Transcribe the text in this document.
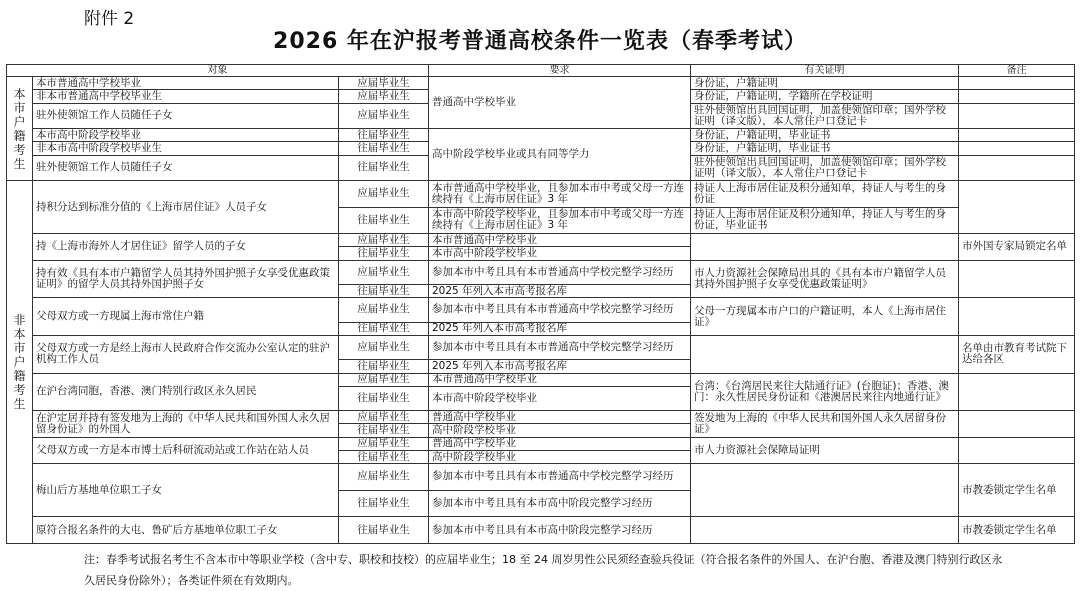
附件 2
2026 年在沪报考普通高校条件一览表（春季考试）
对象			要求	有关证明	备注

本市户籍考生	本市普通高中学校毕业	应届毕业生	普通高中学校毕业	身份证，户籍证明	
	非本市普通高中学校毕业生	应届毕业生		身份证，户籍证明，学籍所在学校证明	
	驻外使领馆工作人员随任子女	应届毕业生		驻外使领馆出具回国证明，加盖使领馆印章；国外学校证明（译文版），本人常住户口登记卡	
	本市高中阶段学校毕业	往届毕业生	高中阶段学校毕业或具有同等学力	身份证，户籍证明，毕业证书	
	非本市高中阶段学校毕业生	往届毕业生		身份证，户籍证明，毕业证书	
	驻外使领馆工作人员随任子女	往届毕业生		驻外使领馆出具回国证明，加盖使领馆印章；国外学校证明（译文版），本人常住户口登记卡	

非本市户籍考生	持积分达到标准分值的《上海市居住证》人员子女	应届毕业生	本市普通高中学校毕业，且参加本市中考或父母一方连续持有《上海市居住证》3 年	持证人上海市居住证及积分通知单，持证人与考生的身份证	
		往届毕业生	本市高中阶段学校毕业，且参加本市中考或父母一方连续持有《上海市居住证》3 年	持证人上海市居住证及积分通知单，持证人与考生的身份证，毕业证书	
	持《上海市海外人才居住证》留学人员的子女	应届毕业生	本市普通高中学校毕业		市外国专家局锁定名单
		往届毕业生	本市高中阶段学校毕业		
	持有效《具有本市户籍留学人员其持外国护照子女享受优惠政策证明》的留学人员其持外国护照子女	应届毕业生	参加本市中考且具有本市普通高中学校完整学习经历	市人力资源社会保障局出具的《具有本市户籍留学人员其持外国护照子女享受优惠政策证明》	
		往届毕业生	2025 年列入本市高考报名库		
	父母双方或一方现属上海市常住户籍	应届毕业生	参加本市中考且具有本市普通高中学校完整学习经历	父母一方现属本市户口的户籍证明，本人《上海市居住证》	
		往届毕业生	2025 年列入本市高考报名库		
	父母双方或一方是经上海市人民政府合作交流办公室认定的驻沪机构工作人员	应届毕业生	参加本市中考且具有本市普通高中学校完整学习经历		名单由市教育考试院下达给各区
		往届毕业生	2025 年列入本市高考报名库		
	在沪台湾同胞，香港、澳门特别行政区永久居民	应届毕业生	本市普通高中学校毕业	台湾：《台湾居民来往大陆通行证》(台胞证)；香港、澳门：永久性居民身份证和《港澳居民来往内地通行证》	
		往届毕业生	本市高中阶段学校毕业		
	在沪定居并持有签发地为上海的《中华人民共和国外国人永久居留身份证》的外国人	应届毕业生	普通高中学校毕业	签发地为上海的《中华人民共和国外国人永久居留身份证》	
		往届毕业生	高中阶段学校毕业		
	父母双方或一方是本市博士后科研流动站或工作站在站人员	应届毕业生	普通高中学校毕业	市人力资源社会保障局证明	
		往届毕业生	高中阶段学校毕业		
	梅山后方基地单位职工子女	应届毕业生	参加本市中考且具有本市普通高中学校完整学习经历		市教委锁定学生名单
		往届毕业生	参加本市中考且具有本市高中阶段完整学习经历		
	原符合报名条件的大屯、鲁矿后方基地单位职工子女	往届毕业生	参加本市中考且具有本市高中阶段完整学习经历		市教委锁定学生名单
注：春季考试报名考生不含本市中等职业学校（含中专、职校和技校）的应届毕业生；18 至 24 周岁男性公民须经查验兵役证（符合报名条件的外国人、在沪台胞、香港及澳门特别行政区永久居民身份除外）；各类证件须在有效期内。
